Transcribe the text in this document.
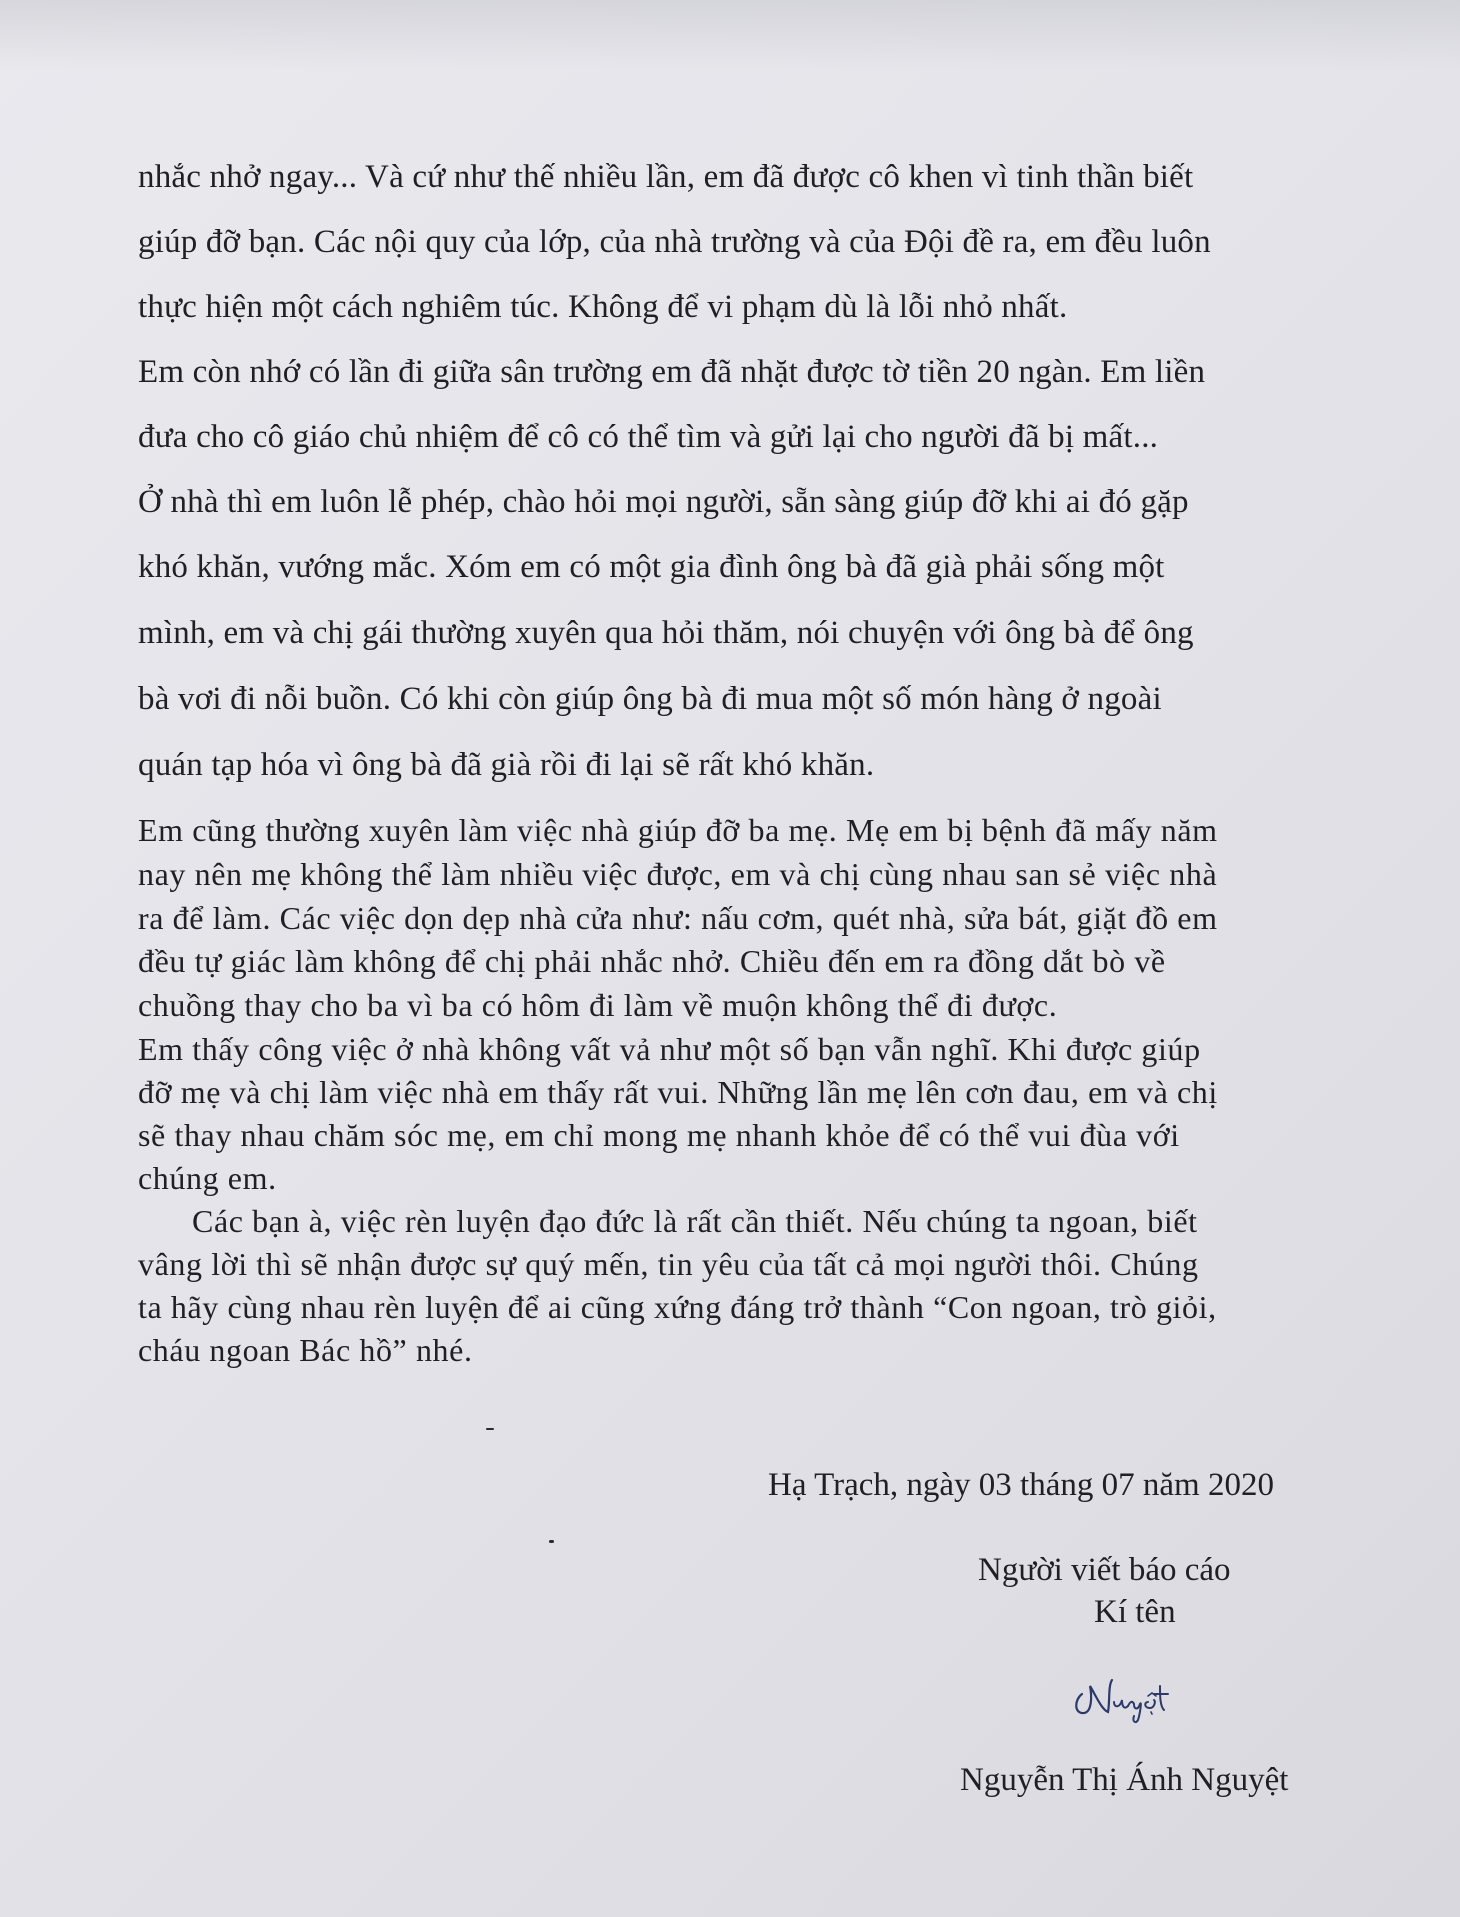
nhắc nhở ngay... Và cứ như thế nhiều lần, em đã được cô khen vì tinh thần biết
giúp đỡ bạn. Các nội quy của lớp, của nhà trường và của Đội đề ra, em đều luôn
thực hiện một cách nghiêm túc. Không để vi phạm dù là lỗi nhỏ nhất.
Em còn nhớ có lần đi giữa sân trường em đã nhặt được tờ tiền 20 ngàn. Em liền
đưa cho cô giáo chủ nhiệm để cô có thể tìm và gửi lại cho người đã bị mất...
Ở nhà thì em luôn lễ phép, chào hỏi mọi người, sẵn sàng giúp đỡ khi ai đó gặp
khó khăn, vướng mắc. Xóm em có một gia đình ông bà đã già phải sống một
mình, em và chị gái thường xuyên qua hỏi thăm, nói chuyện với ông bà để ông
bà vơi đi nỗi buồn. Có khi còn giúp ông bà đi mua một số món hàng ở ngoài
quán tạp hóa vì ông bà đã già rồi đi lại sẽ rất khó khăn.
Em cũng thường xuyên làm việc nhà giúp đỡ ba mẹ. Mẹ em bị bệnh đã mấy năm
nay nên mẹ không thể làm nhiều việc được, em và chị cùng nhau san sẻ việc nhà
ra để làm. Các việc dọn dẹp nhà cửa như: nấu cơm, quét nhà, sửa bát, giặt đồ em
đều tự giác làm không để chị phải nhắc nhở. Chiều đến em ra đồng dắt bò về
chuồng thay cho ba vì ba có hôm đi làm về muộn không thể đi được.
Em thấy công việc ở nhà không vất vả như một số bạn vẫn nghĩ. Khi được giúp
đỡ mẹ và chị làm việc nhà em thấy rất vui. Những lần mẹ lên cơn đau, em và chị
sẽ thay nhau chăm sóc mẹ, em chỉ mong mẹ nhanh khỏe để có thể vui đùa với
chúng em.
Các bạn à, việc rèn luyện đạo đức là rất cần thiết. Nếu chúng ta ngoan, biết
vâng lời thì sẽ nhận được sự quý mến, tin yêu của tất cả mọi người thôi. Chúng
ta hãy cùng nhau rèn luyện để ai cũng xứng đáng trở thành “Con ngoan, trò giỏi,
cháu ngoan Bác hồ” nhé.
Hạ Trạch, ngày 03 tháng 07 năm 2020
Người viết báo cáo
Kí tên
Nguyễn Thị Ánh Nguyệt
